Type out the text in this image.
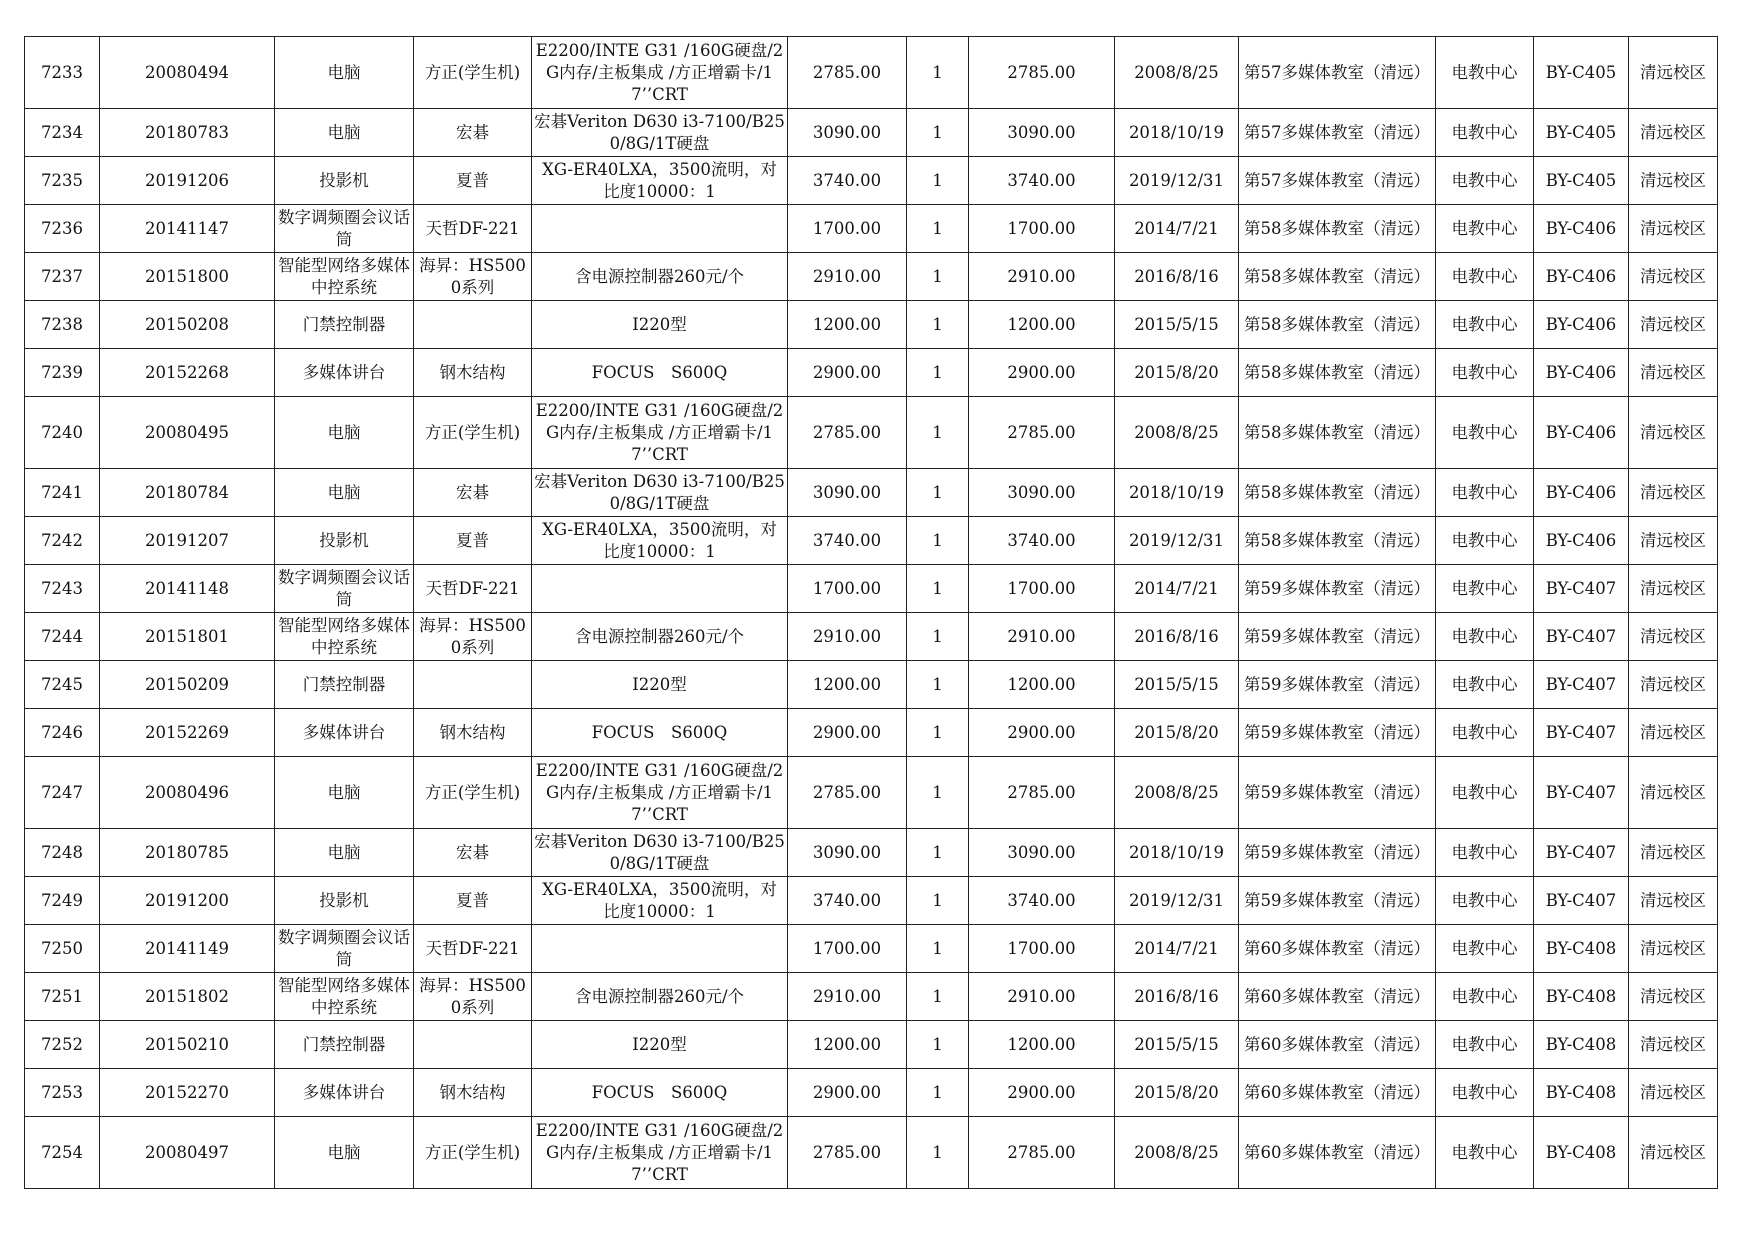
7233	20080494	电脑	方正(学生机)	E2200/INTE G31 /160G硬盘/2G内存/主板集成 /方正增霸卡/17’’CRT	2785.00	1	2785.00	2008/8/25	第57多媒体教室（清远）	电教中心	BY-C405	清远校区
7234	20180783	电脑	宏碁	宏碁Veriton D630 i3-7100/B250/8G/1T硬盘	3090.00	1	3090.00	2018/10/19	第57多媒体教室（清远）	电教中心	BY-C405	清远校区
7235	20191206	投影机	夏普	XG-ER40LXA，3500流明，对比度10000：1	3740.00	1	3740.00	2019/12/31	第57多媒体教室（清远）	电教中心	BY-C405	清远校区
7236	20141147	数字调频圈会议话筒	天哲DF-221		1700.00	1	1700.00	2014/7/21	第58多媒体教室（清远）	电教中心	BY-C406	清远校区
7237	20151800	智能型网络多媒体中控系统	海昇：HS5000系列	含电源控制器260元/个	2910.00	1	2910.00	2016/8/16	第58多媒体教室（清远）	电教中心	BY-C406	清远校区
7238	20150208	门禁控制器		I220型	1200.00	1	1200.00	2015/5/15	第58多媒体教室（清远）	电教中心	BY-C406	清远校区
7239	20152268	多媒体讲台	钢木结构	FOCUS　S600Q	2900.00	1	2900.00	2015/8/20	第58多媒体教室（清远）	电教中心	BY-C406	清远校区
7240	20080495	电脑	方正(学生机)	E2200/INTE G31 /160G硬盘/2G内存/主板集成 /方正增霸卡/17’’CRT	2785.00	1	2785.00	2008/8/25	第58多媒体教室（清远）	电教中心	BY-C406	清远校区
7241	20180784	电脑	宏碁	宏碁Veriton D630 i3-7100/B250/8G/1T硬盘	3090.00	1	3090.00	2018/10/19	第58多媒体教室（清远）	电教中心	BY-C406	清远校区
7242	20191207	投影机	夏普	XG-ER40LXA，3500流明，对比度10000：1	3740.00	1	3740.00	2019/12/31	第58多媒体教室（清远）	电教中心	BY-C406	清远校区
7243	20141148	数字调频圈会议话筒	天哲DF-221		1700.00	1	1700.00	2014/7/21	第59多媒体教室（清远）	电教中心	BY-C407	清远校区
7244	20151801	智能型网络多媒体中控系统	海昇：HS5000系列	含电源控制器260元/个	2910.00	1	2910.00	2016/8/16	第59多媒体教室（清远）	电教中心	BY-C407	清远校区
7245	20150209	门禁控制器		I220型	1200.00	1	1200.00	2015/5/15	第59多媒体教室（清远）	电教中心	BY-C407	清远校区
7246	20152269	多媒体讲台	钢木结构	FOCUS　S600Q	2900.00	1	2900.00	2015/8/20	第59多媒体教室（清远）	电教中心	BY-C407	清远校区
7247	20080496	电脑	方正(学生机)	E2200/INTE G31 /160G硬盘/2G内存/主板集成 /方正增霸卡/17’’CRT	2785.00	1	2785.00	2008/8/25	第59多媒体教室（清远）	电教中心	BY-C407	清远校区
7248	20180785	电脑	宏碁	宏碁Veriton D630 i3-7100/B250/8G/1T硬盘	3090.00	1	3090.00	2018/10/19	第59多媒体教室（清远）	电教中心	BY-C407	清远校区
7249	20191200	投影机	夏普	XG-ER40LXA，3500流明，对比度10000：1	3740.00	1	3740.00	2019/12/31	第59多媒体教室（清远）	电教中心	BY-C407	清远校区
7250	20141149	数字调频圈会议话筒	天哲DF-221		1700.00	1	1700.00	2014/7/21	第60多媒体教室（清远）	电教中心	BY-C408	清远校区
7251	20151802	智能型网络多媒体中控系统	海昇：HS5000系列	含电源控制器260元/个	2910.00	1	2910.00	2016/8/16	第60多媒体教室（清远）	电教中心	BY-C408	清远校区
7252	20150210	门禁控制器		I220型	1200.00	1	1200.00	2015/5/15	第60多媒体教室（清远）	电教中心	BY-C408	清远校区
7253	20152270	多媒体讲台	钢木结构	FOCUS　S600Q	2900.00	1	2900.00	2015/8/20	第60多媒体教室（清远）	电教中心	BY-C408	清远校区
7254	20080497	电脑	方正(学生机)	E2200/INTE G31 /160G硬盘/2G内存/主板集成 /方正增霸卡/17’’CRT	2785.00	1	2785.00	2008/8/25	第60多媒体教室（清远）	电教中心	BY-C408	清远校区
